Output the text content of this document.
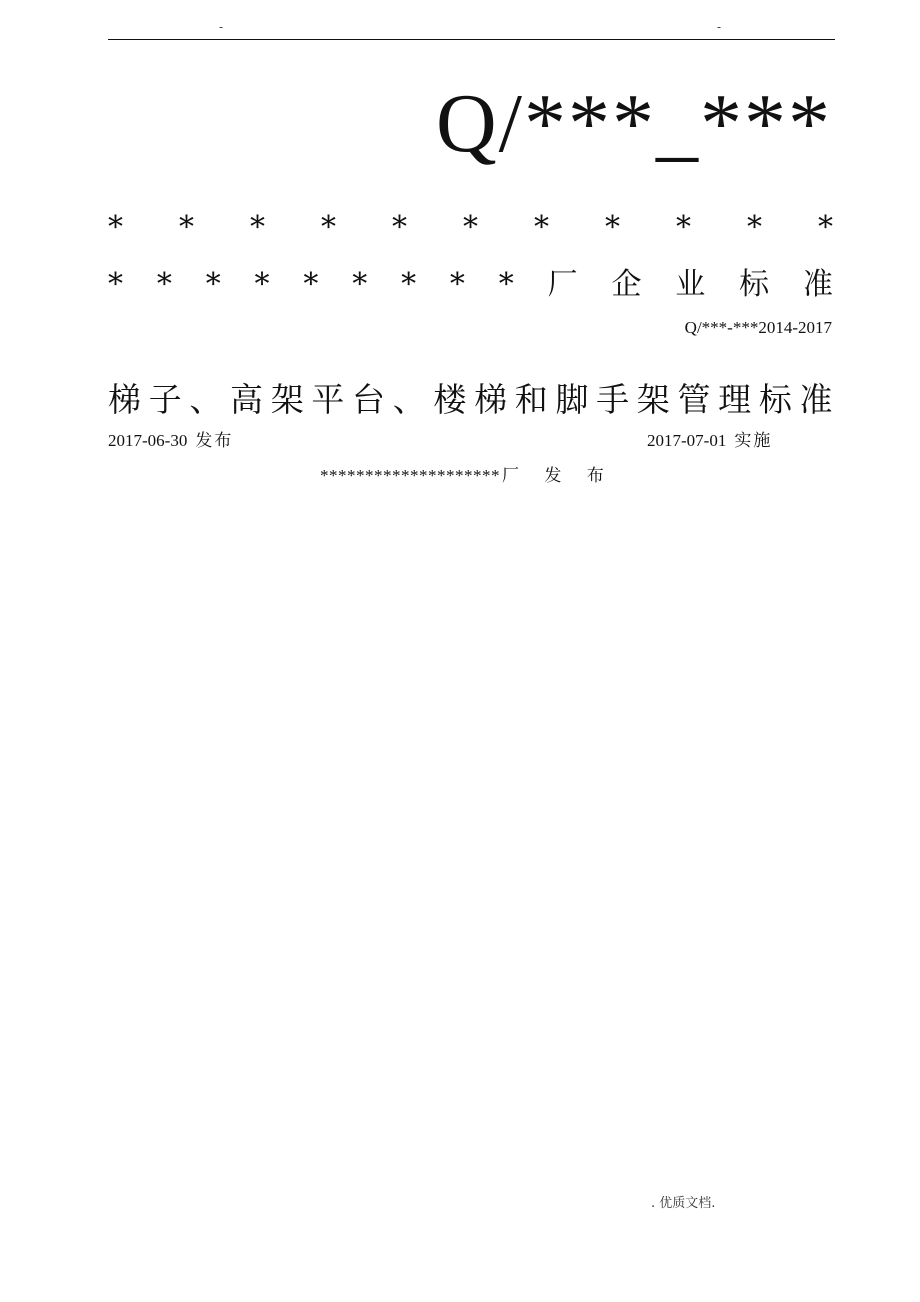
-	-
Q/***_***
* * * * * * * * * * *
* * * * * * * * * 厂 企 业 标 准
Q/***-***2014-2017
梯子、高架平台、楼梯和脚手架管理标准
2017-06-30 发布	2017-07-01 实施
******************** 厂 发 布
. 优质文档.
